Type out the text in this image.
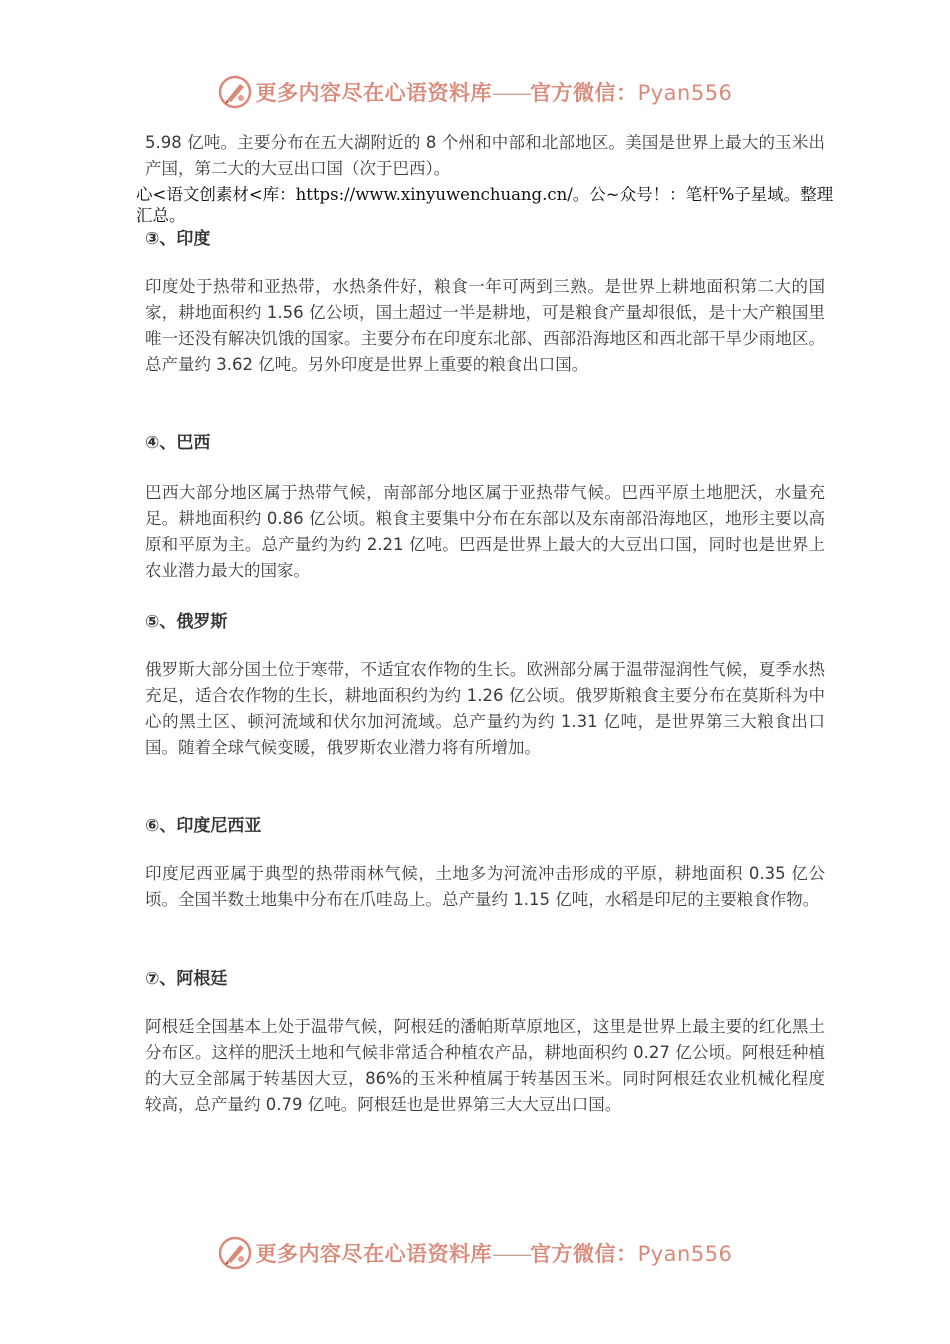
更多内容尽在心语资料库——官方微信：Pyan556

5.98 亿吨。主要分布在五大湖附近的 8 个州和中部和北部地区。美国是世界上最大的玉米出产国，第二大的大豆出口国（次于巴西）。

心<语文创素材<库：https://www.xinyuwenchuang.cn/。公~众号！：笔杆%子星域。整理汇总。

③、印度

印度处于热带和亚热带，水热条件好，粮食一年可两到三熟。是世界上耕地面积第二大的国家，耕地面积约 1.56 亿公顷，国土超过一半是耕地，可是粮食产量却很低，是十大产粮国里唯一还没有解决饥饿的国家。主要分布在印度东北部、西部沿海地区和西北部干旱少雨地区。总产量约 3.62 亿吨。另外印度是世界上重要的粮食出口国。

④、巴西

巴西大部分地区属于热带气候，南部部分地区属于亚热带气候。巴西平原土地肥沃，水量充足。耕地面积约 0.86 亿公顷。粮食主要集中分布在东部以及东南部沿海地区，地形主要以高原和平原为主。总产量约为约 2.21 亿吨。巴西是世界上最大的大豆出口国，同时也是世界上农业潜力最大的国家。

⑤、俄罗斯

俄罗斯大部分国土位于寒带，不适宜农作物的生长。欧洲部分属于温带湿润性气候，夏季水热充足，适合农作物的生长，耕地面积约为约 1.26 亿公顷。俄罗斯粮食主要分布在莫斯科为中心的黑土区、顿河流域和伏尔加河流域。总产量约为约 1.31 亿吨，是世界第三大粮食出口国。随着全球气候变暖，俄罗斯农业潜力将有所增加。

⑥、印度尼西亚

印度尼西亚属于典型的热带雨林气候，土地多为河流冲击形成的平原，耕地面积 0.35 亿公顷。全国半数土地集中分布在爪哇岛上。总产量约 1.15 亿吨，水稻是印尼的主要粮食作物。

⑦、阿根廷

阿根廷全国基本上处于温带气候，阿根廷的潘帕斯草原地区，这里是世界上最主要的红化黑土分布区。这样的肥沃土地和气候非常适合种植农产品，耕地面积约 0.27 亿公顷。阿根廷种植的大豆全部属于转基因大豆，86%的玉米种植属于转基因玉米。同时阿根廷农业机械化程度较高，总产量约 0.79 亿吨。阿根廷也是世界第三大大豆出口国。

更多内容尽在心语资料库——官方微信：Pyan556
